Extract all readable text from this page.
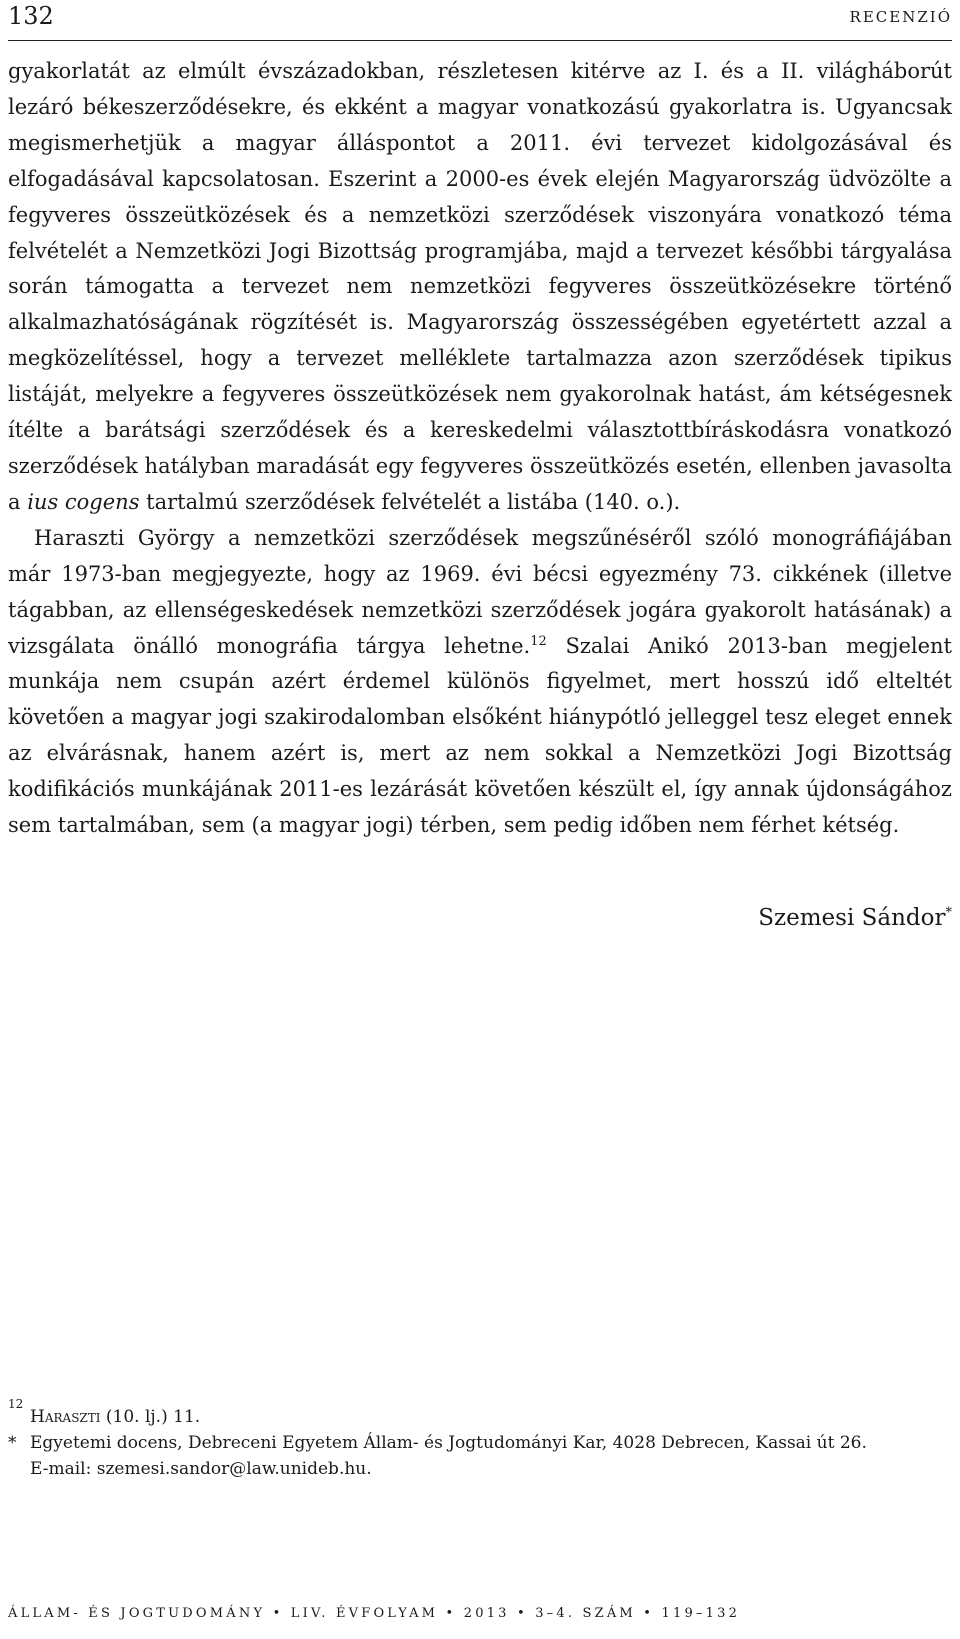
132	RECENZIÓ

gyakorlatát az elmúlt évszázadokban, részletesen kitérve az I. és a II. világháborút lezáró békeszerződésekre, és ekként a magyar vonatkozású gyakorlatra is. Ugyancsak megismerhetjük a magyar álláspontot a 2011. évi tervezet kidolgozásával és elfogadásával kapcsolatosan. Eszerint a 2000-es évek elején Magyarország üdvözölte a fegyveres összeütközések és a nemzetközi szerződések viszonyára vonatkozó téma felvételét a Nemzetközi Jogi Bizottság programjába, majd a tervezet későbbi tárgyalása során támogatta a tervezet nem nemzetközi fegyveres összeütközésekre történő alkalmazhatóságának rögzítését is. Magyarország összességében egyetértett azzal a megközelítéssel, hogy a tervezet melléklete tartalmazza azon szerződések tipikus listáját, melyekre a fegyveres összeütközések nem gyakorolnak hatást, ám kétségesnek ítélte a barátsági szerződések és a kereskedelmi választottbíráskodásra vonatkozó szerződések hatályban maradását egy fegyveres összeütközés esetén, ellenben javasolta a ius cogens tartalmú szerződések felvételét a listába (140. o.).

Haraszti György a nemzetközi szerződések megszűnéséről szóló monográfiájában már 1973-ban megjegyezte, hogy az 1969. évi bécsi egyezmény 73. cikkének (illetve tágabban, az ellenségeskedések nemzetközi szerződések jogára gyakorolt hatásának) a vizsgálata önálló monográfia tárgya lehetne.$^{12}$ Szalai Anikó 2013-ban megjelent munkája nem csupán azért érdemel különös figyelmet, mert hosszú idő elteltét követően a magyar jogi szakirodalomban elsőként hiánypótló jelleggel tesz eleget ennek az elvárásnak, hanem azért is, mert az nem sokkal a Nemzetközi Jogi Bizottság kodifikációs munkájának 2011-es lezárását követően készült el, így annak újdonságához sem tartalmában, sem (a magyar jogi) térben, sem pedig időben nem férhet kétség.

Szemesi Sándor*
12
Haraszti (10. lj.) 11.
* Egyetemi docens, Debreceni Egyetem Állam- és Jogtudományi Kar, 4028 Debrecen, Kassai út 26.
E-mail: szemesi.sandor@law.unideb.hu.
ÁLLAM- ÉS JOGTUDOMÁNY • LIV. ÉVFOLYAM • 2013 • 3–4. SZÁM • 119–132
